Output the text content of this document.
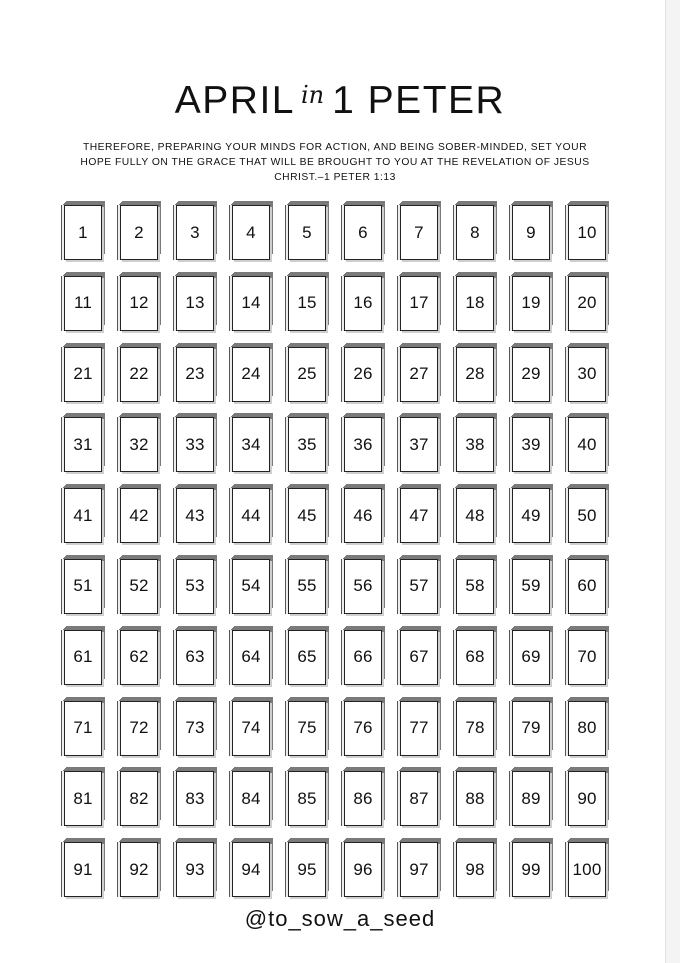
APRIL $^{in}$ 1 PETER
THEREFORE, PREPARING YOUR MINDS FOR ACTION, AND BEING SOBER-MINDED, SET YOUR HOPE FULLY ON THE GRACE THAT WILL BE BROUGHT TO YOU AT THE REVELATION OF JESUS CHRIST.–1 PETER 1:13
1	2	3	4	5	6	7	8	9 10
11 12 13 14 15 16 17 18 19 20
21 22 23 24 25 26 27 28 29 30
31 32 33 34 35 36 37 38 39 40
41 42 43 44 45 46 47 48 49 50
51 52 53 54 55 56 57 58 59 60
61 62 63 64 65 66 67 68 69 70
71 72 73 74 75 76 77 78 79 80
81 82 83 84 85 86 87 88 89 90
91 92 93 94 95 96 97 98 99 100
@to_sow_a_seed
